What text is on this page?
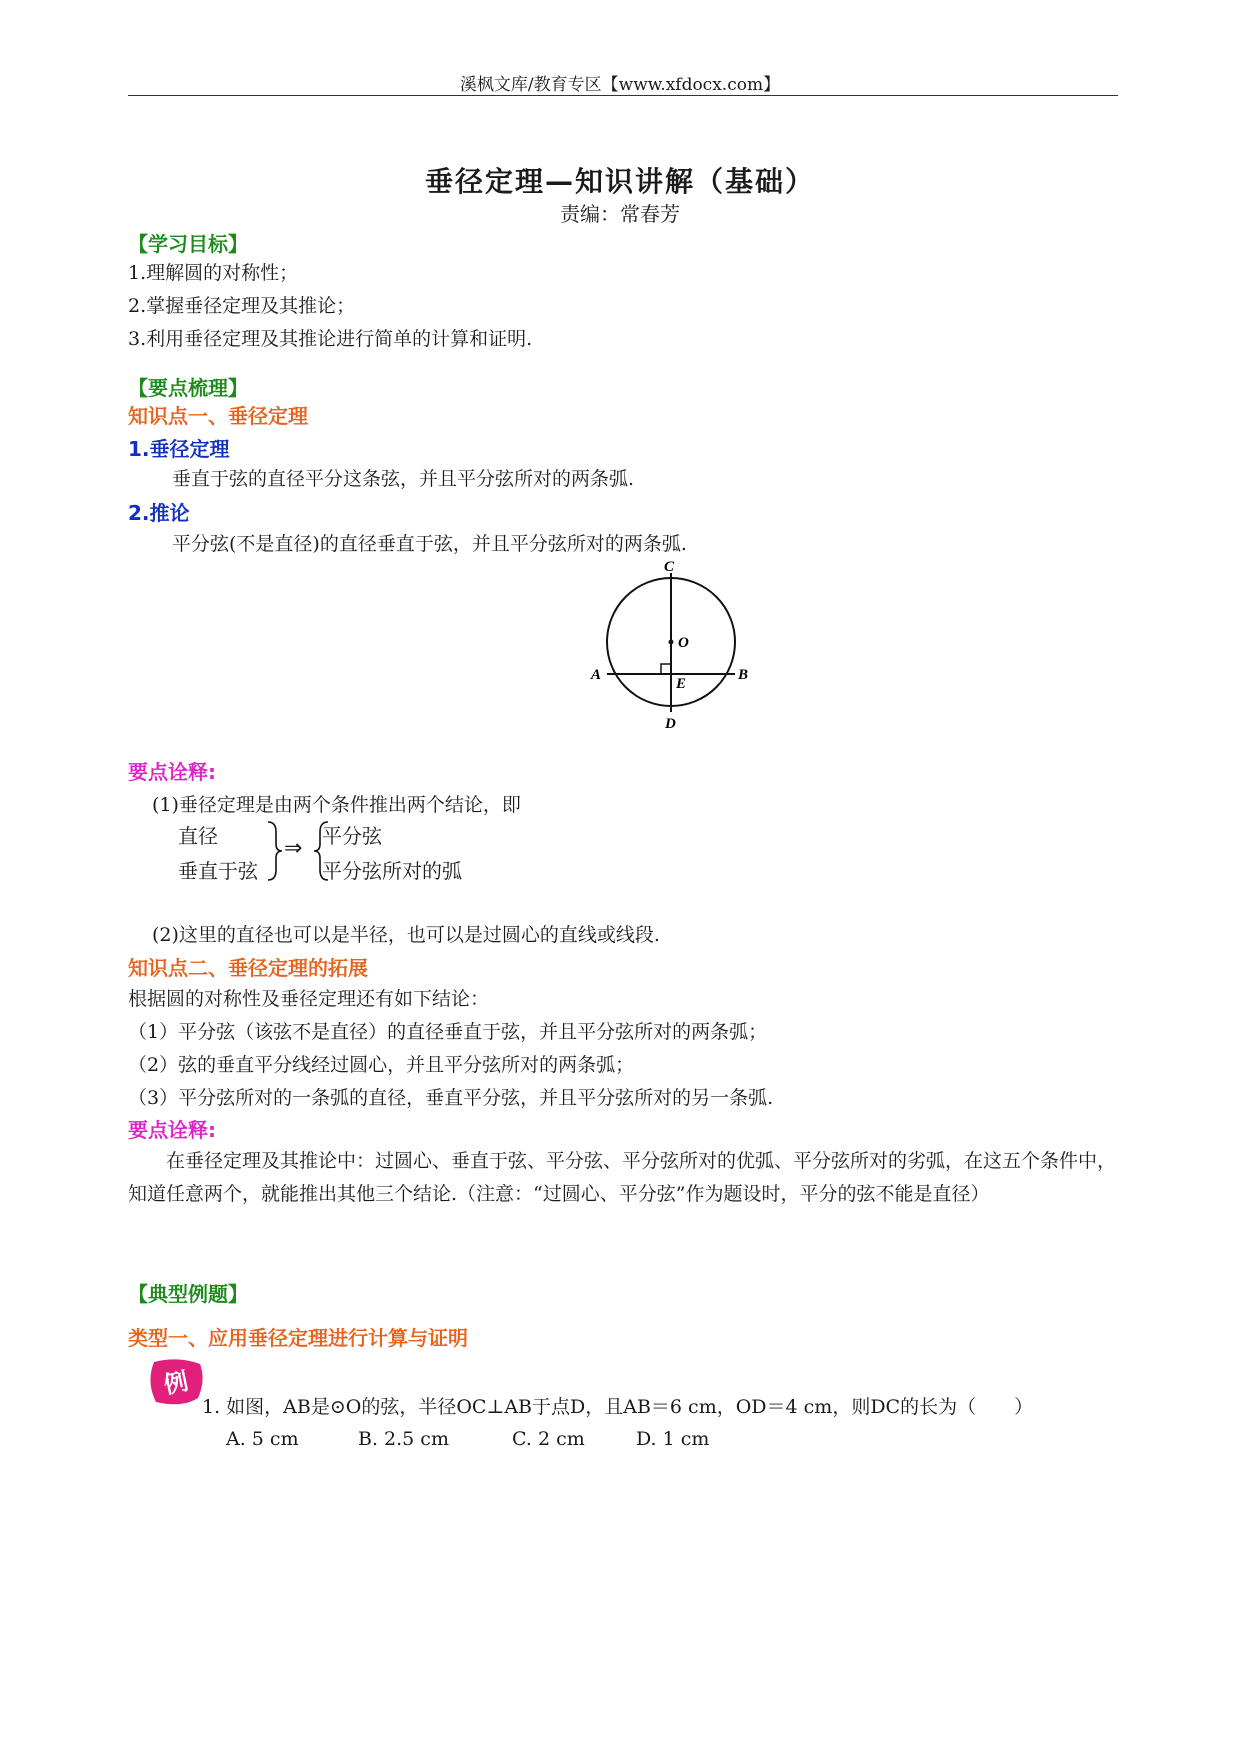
溪枫文库/教育专区【www.xfdocx.com】
垂径定理—知识讲解（基础）
责编：常春芳
【学习目标】
1.理解圆的对称性；
2.掌握垂径定理及其推论；
3.利用垂径定理及其推论进行简单的计算和证明.
【要点梳理】
知识点一、垂径定理
1.垂径定理
垂直于弦的直径平分这条弦，并且平分弦所对的两条弧.
2.推论
平分弦(不是直径)的直径垂直于弦，并且平分弦所对的两条弧.
C
O
A	B
E
D
要点诠释:
(1)垂径定理是由两个条件推出两个结论，即
直径
垂直于弦
⇒ 平分弦
平分弦所对的弧
(2)这里的直径也可以是半径，也可以是过圆心的直线或线段.
知识点二、垂径定理的拓展
根据圆的对称性及垂径定理还有如下结论：
（1）平分弦（该弦不是直径）的直径垂直于弦，并且平分弦所对的两条弧；
（2）弦的垂直平分线经过圆心，并且平分弦所对的两条弧；
（3）平分弦所对的一条弧的直径，垂直平分弦，并且平分弦所对的另一条弧.
要点诠释:
在垂径定理及其推论中：过圆心、垂直于弦、平分弦、平分弦所对的优弧、平分弦所对的劣弧，在这五个条件中，知道任意两个，就能推出其他三个结论.（注意：“过圆心、平分弦”作为题设时，平分的弦不能是直径）
【典型例题】
类型一、应用垂径定理进行计算与证明
例
1. 如图，AB是⊙O的弦，半径OC⊥AB于点D，且AB＝6 cm，OD＝4 cm，则DC的长为（　　）
A. 5 cm	B. 2.5 cm	C. 2 cm	D. 1 cm
